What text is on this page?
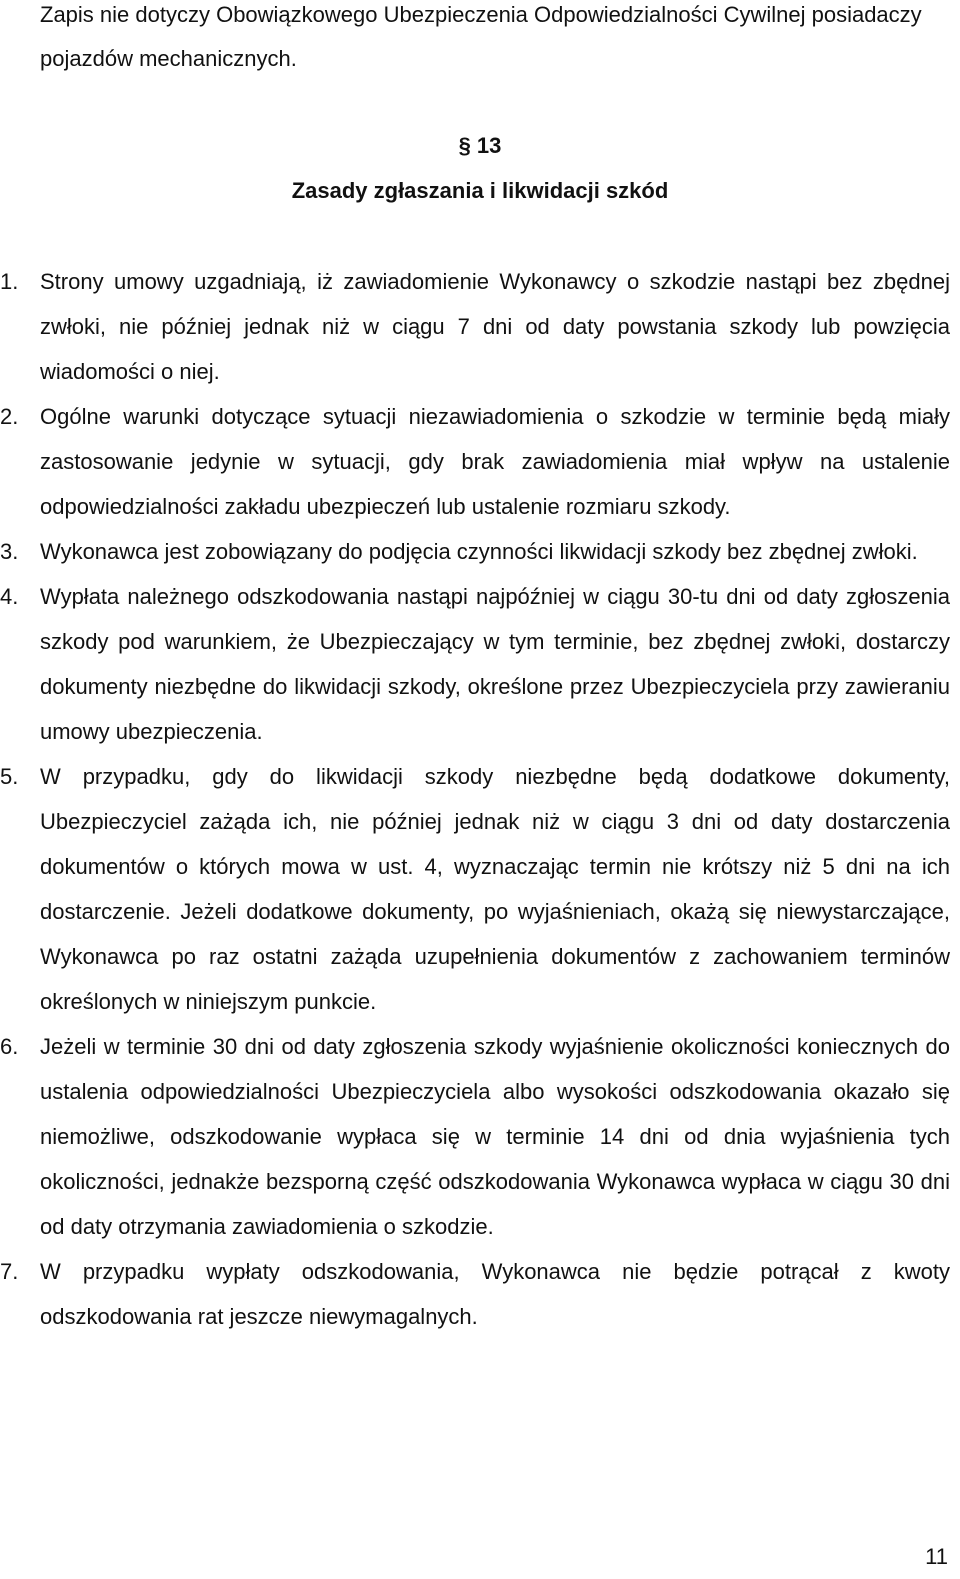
Zapis nie dotyczy Obowiązkowego Ubezpieczenia Odpowiedzialności Cywilnej posiadaczy pojazdów mechanicznych.

§ 13

Zasady zgłaszania i likwidacji szkód

1. Strony umowy uzgadniają, iż zawiadomienie Wykonawcy o szkodzie nastąpi bez zbędnej zwłoki, nie później jednak niż w ciągu 7 dni od daty powstania szkody lub powzięcia wiadomości o niej.
2. Ogólne warunki dotyczące sytuacji niezawiadomienia o szkodzie w terminie będą miały zastosowanie jedynie w sytuacji, gdy brak zawiadomienia miał wpływ na ustalenie odpowiedzialności zakładu ubezpieczeń lub ustalenie rozmiaru szkody.
3. Wykonawca jest zobowiązany do podjęcia czynności likwidacji szkody bez zbędnej zwłoki.
4. Wypłata należnego odszkodowania nastąpi najpóźniej w ciągu 30-tu dni od daty zgłoszenia szkody pod warunkiem, że Ubezpieczający w tym terminie, bez zbędnej zwłoki, dostarczy dokumenty niezbędne do likwidacji szkody, określone przez Ubezpieczyciela przy zawieraniu umowy ubezpieczenia.
5. W przypadku, gdy do likwidacji szkody niezbędne będą dodatkowe dokumenty, Ubezpieczyciel zażąda ich, nie później jednak niż w ciągu 3 dni od daty dostarczenia dokumentów o których mowa w ust. 4, wyznaczając termin nie krótszy niż 5 dni na ich dostarczenie. Jeżeli dodatkowe dokumenty, po wyjaśnieniach, okażą się niewystarczające, Wykonawca po raz ostatni zażąda uzupełnienia dokumentów z zachowaniem terminów określonych w niniejszym punkcie.
6. Jeżeli w terminie 30 dni od daty zgłoszenia szkody wyjaśnienie okoliczności koniecznych do ustalenia odpowiedzialności Ubezpieczyciela albo wysokości odszkodowania okazało się niemożliwe, odszkodowanie wypłaca się w terminie 14 dni od dnia wyjaśnienia tych okoliczności, jednakże bezsporną część odszkodowania Wykonawca wypłaca w ciągu 30 dni od daty otrzymania zawiadomienia o szkodzie.
7. W przypadku wypłaty odszkodowania, Wykonawca nie będzie potrącał z kwoty odszkodowania rat jeszcze niewymagalnych.
11
